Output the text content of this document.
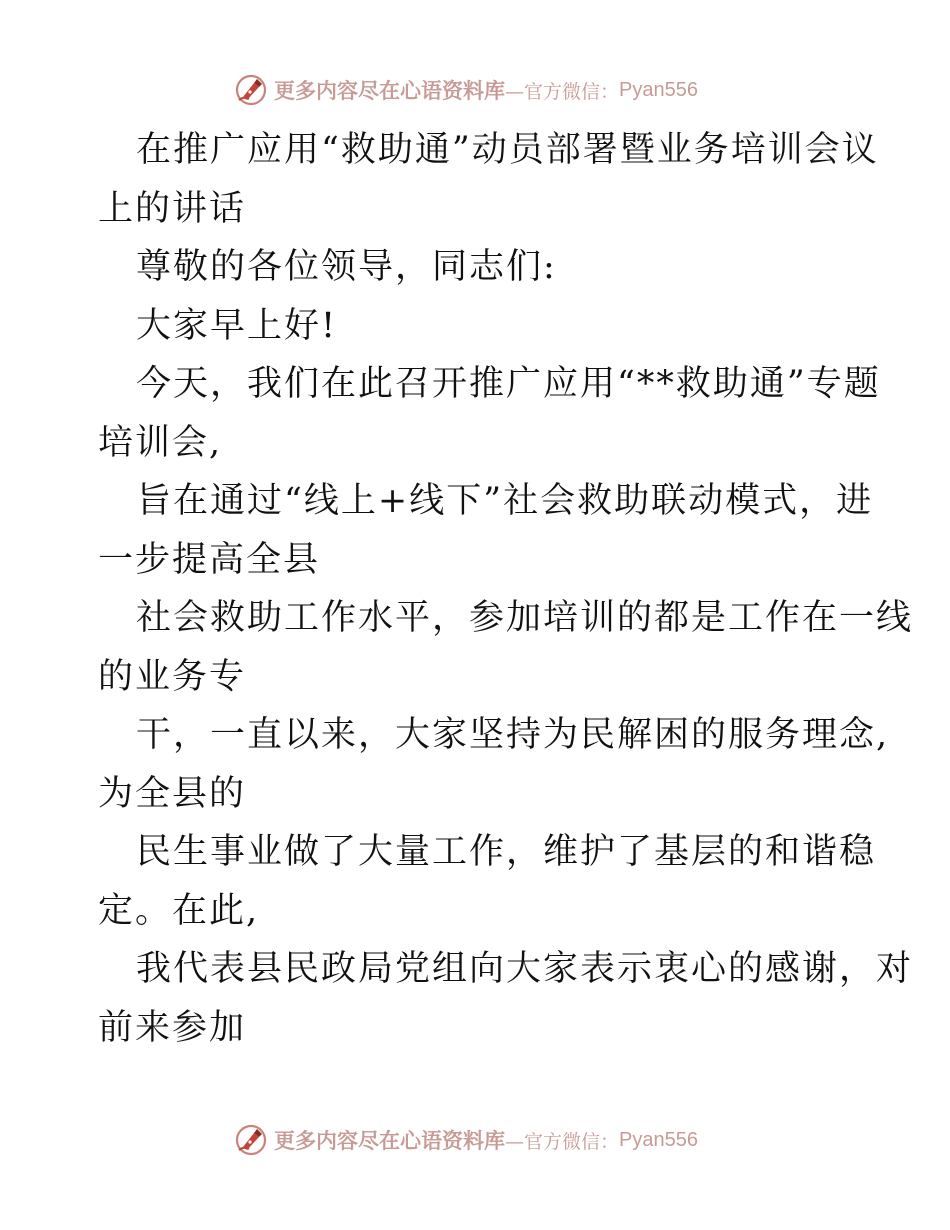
更多内容尽在心语资料库 —官方微信： Pyan556
在推广应用“救助通”动员部署暨业务培训会议
上的讲话
尊敬的各位领导，同志们:
大家早上好!
今天，我们在此召开推广应用“**救助通”专题
培训会,
旨在通过“线上+线下”社会救助联动模式，进
一步提高全县
社会救助工作水平，参加培训的都是工作在一线
的业务专
干，一直以来，大家坚持为民解困的服务理念,
为全县的
民生事业做了大量工作，维护了基层的和谐稳
定。在此,
我代表县民政局党组向大家表示衷心的感谢，对
前来参加
更多内容尽在心语资料库 —官方微信： Pyan556
